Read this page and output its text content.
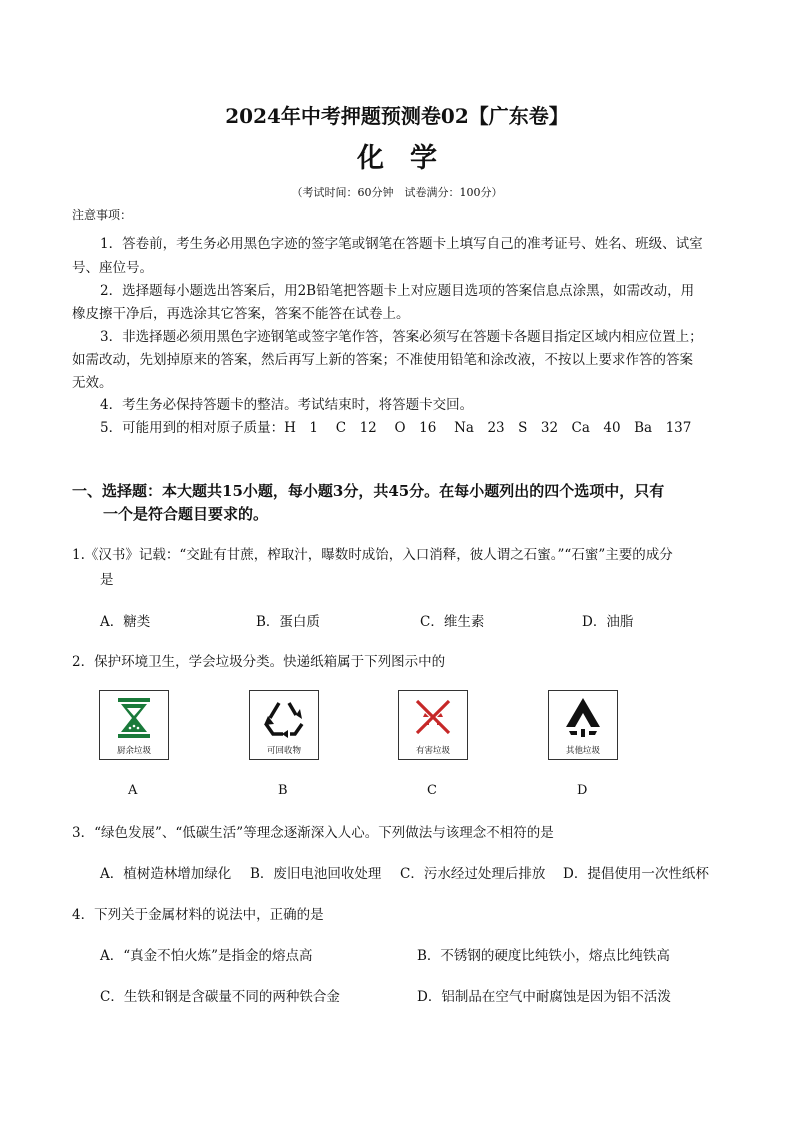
2024年中考押题预测卷02【广东卷】
化学
（考试时间：60分钟　试卷满分：100分）
注意事项：
1．答卷前，考生务必用黑色字迹的签字笔或钢笔在答题卡上填写自己的准考证号、姓名、班级、试室
号、座位号。
2．选择题每小题选出答案后，用2B铅笔把答题卡上对应题目选项的答案信息点涂黑，如需改动，用
橡皮擦干净后，再选涂其它答案，答案不能答在试卷上。
3．非选择题必须用黑色字迹钢笔或签字笔作答，答案必须写在答题卡各题目指定区域内相应位置上；
如需改动，先划掉原来的答案，然后再写上新的答案；不准使用铅笔和涂改液，不按以上要求作答的答案
无效。
4．考生务必保持答题卡的整洁。考试结束时，将答题卡交回。
5．可能用到的相对原子质量：H　1　 C　12　 O　16　 Na　23　S　32　Ca　40　Ba　137
一、选择题：本大题共15小题，每小题3分，共45分。在每小题列出的四个选项中，只有
一个是符合题目要求的。
1.《汉书》记载：“交趾有甘蔗，榨取汁，曝数时成饴，入口消释，彼人谓之石蜜。”“石蜜”主要的成分
是
A．糖类	B．蛋白质	C．维生素	D．油脂
2．保护环境卫生，学会垃圾分类。快递纸箱属于下列图示中的
厨余垃圾	可回收物	有害垃圾	其他垃圾
A	B	C	D
3．“绿色发展”、“低碳生活”等理念逐渐深入人心。下列做法与该理念不相符的是
A．植树造林增加绿化 B．废旧电池回收处理 C．污水经过处理后排放 D．提倡使用一次性纸杯
4．下列关于金属材料的说法中，正确的是
A．“真金不怕火炼”是指金的熔点高	B．不锈钢的硬度比纯铁小，熔点比纯铁高
C．生铁和钢是含碳量不同的两种铁合金	D．铝制品在空气中耐腐蚀是因为铝不活泼
